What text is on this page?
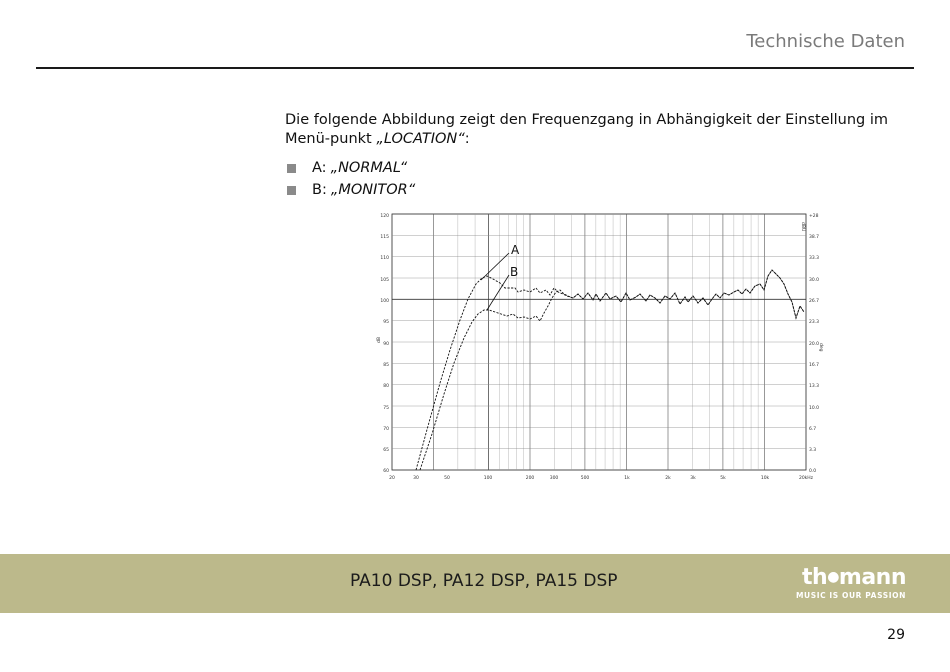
Technische Daten

Die folgende Abbildung zeigt den Frequenzgang in Abhängigkeit der Einstellung im Menü-punkt „LOCATION“:

A: „NORMAL“
B: „MONITOR“
120
115
110
105
100
95
90
85
80
75
70
65
60
+28
38.7
33.3
30.0
26.7
23.3
20.0
16.7
13.3
10.0
6.7
3.3
0.0
20	30	50	100	200	300	500	1k	2k	3k	5k	10k	20kHz
dB
deg
dBU
A
B
PA10 DSP, PA12 DSP, PA15 DSP	th●mann
MUSIC IS OUR PASSION
29
